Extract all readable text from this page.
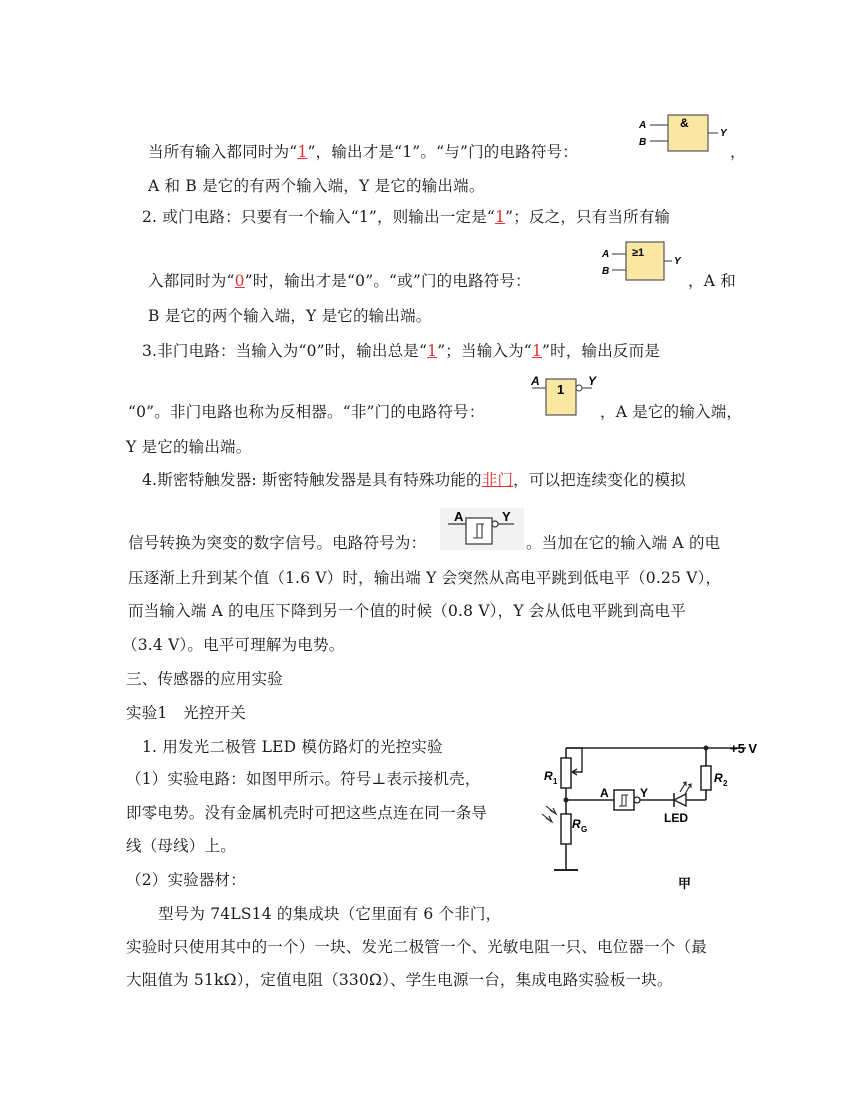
当所有输入都同时为“1”，输出才是“1”。“与”门的电路符号：	，
A
B
&
Y
A 和 B 是它的有两个输入端，Y 是它的输出端。
2. 或门电路：只要有一个输入“1”，则输出一定是“1”；反之，只有当所有输
A
B
≥1
Y
入都同时为“0”时，输出才是“0”。“或”门的电路符号：	，A 和
B 是它的两个输入端，Y 是它的输出端。
3.非门电路：当输入为“0”时，输出总是“1”；当输入为“1”时，输出反而是
A
1
Y
“0”。非门电路也称为反相器。“非”门的电路符号：	，A 是它的输入端，
Y 是它的输出端。
4.斯密特触发器: 斯密特触发器是具有特殊功能的非门，可以把连续变化的模拟
A	Y
信号转换为突变的数字信号。电路符号为：	。当加在它的输入端 A 的电
压逐渐上升到某个值（1.6 V）时，输出端 Y 会突然从高电平跳到低电平（0.25 V），
而当输入端 A 的电压下降到另一个值的时候（0.8 V），Y 会从低电平跳到高电平
（3.4 V）。电平可理解为电势。
三、传感器的应用实验
实验1　光控开关
1. 用发光二极管 LED 模仿路灯的光控实验
（1）实验电路：如图甲所示。符号⊥表示接机壳，
即零电势。没有金属机壳时可把这些点连在同一条导
线（母线）上。
（2）实验器材：
型号为 74LS14 的集成块（它里面有 6 个非门，
实验时只使用其中的一个）一块、发光二极管一个、光敏电阻一只、电位器一个（最
大阻值为 51kΩ），定值电阻（330Ω）、学生电源一台，集成电路实验板一块。
+5 V
R 1
R G
A	Y
LED
R 2
甲
